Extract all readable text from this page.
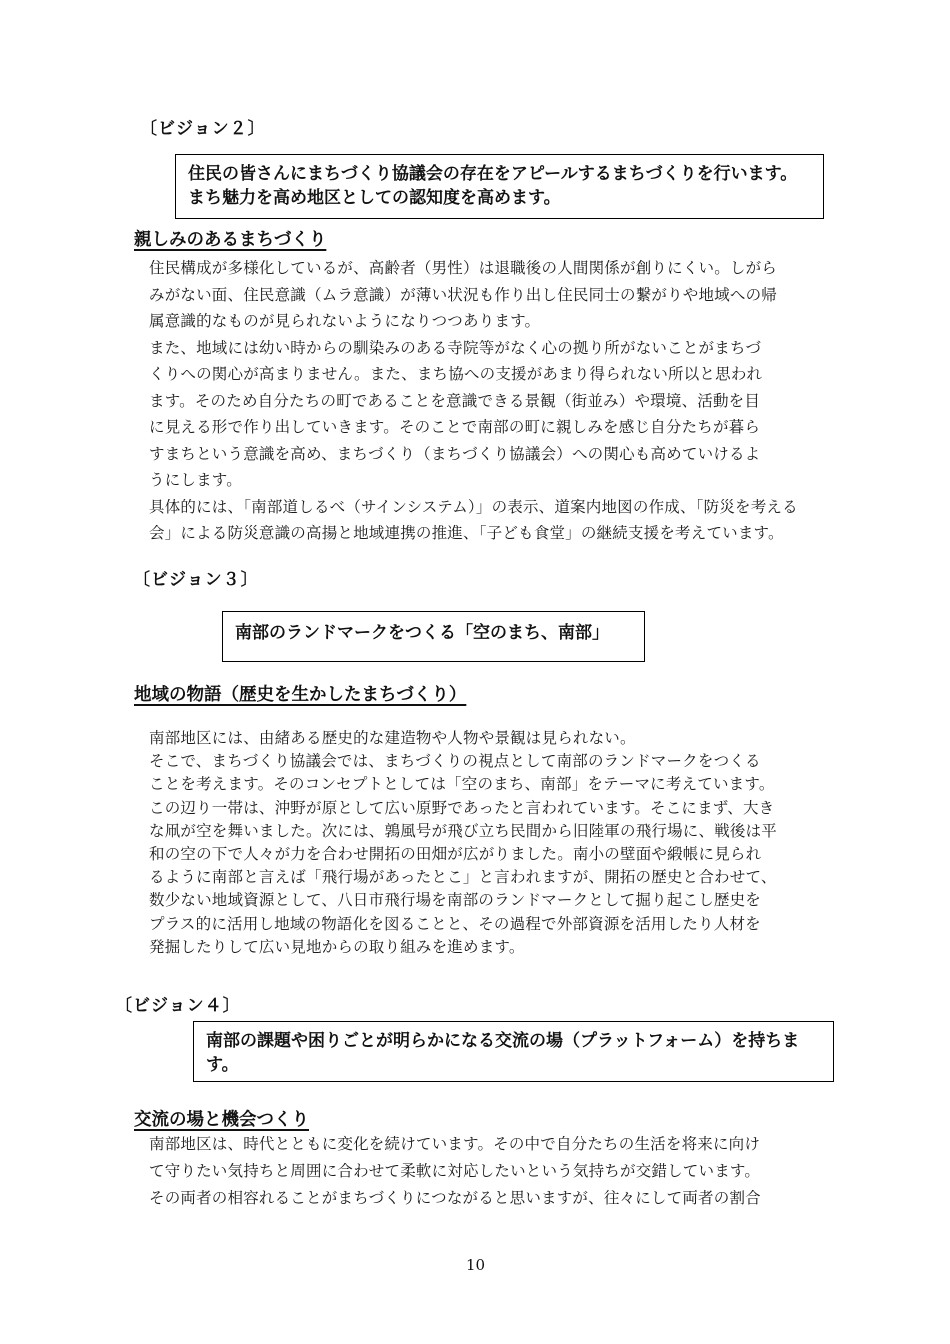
〔ビジョン２〕

住民の皆さんにまちづくり協議会の存在をアピールするまちづくりを行います。

まち魅力を高め地区としての認知度を高めます。

親しみのあるまちづくり

住民構成が多様化しているが、高齢者（男性）は退職後の人間関係が創りにくい。しがら

みがない面、住民意識（ムラ意識）が薄い状況も作り出し住民同士の繋がりや地域への帰

属意識的なものが見られないようになりつつあります。

また、地域には幼い時からの馴染みのある寺院等がなく心の拠り所がないことがまちづ

くりへの関心が高まりません。また、まち協への支援があまり得られない所以と思われ

ます。そのため自分たちの町であることを意識できる景観（街並み）や環境、活動を目

に見える形で作り出していきます。そのことで南部の町に親しみを感じ自分たちが暮ら

すまちという意識を高め、まちづくり（まちづくり協議会）への関心も高めていけるよ

うにします。

具体的には、「南部道しるべ（サインシステム）」の表示、道案内地図の作成、「防災を考える

会」による防災意識の高揚と地域連携の推進、「子ども食堂」の継続支援を考えています。

〔ビジョン３〕

南部のランドマークをつくる「空のまち、南部」

地域の物語（歴史を生かしたまちづくり）

南部地区には、由緒ある歴史的な建造物や人物や景観は見られない。

そこで、まちづくり協議会では、まちづくりの視点として南部のランドマークをつくる

ことを考えます。そのコンセプトとしては「空のまち、南部」をテーマに考えています。

この辺り一帯は、沖野が原として広い原野であったと言われています。そこにまず、大き

な凧が空を舞いました。次には、鶉風号が飛び立ち民間から旧陸軍の飛行場に、戦後は平

和の空の下で人々が力を合わせ開拓の田畑が広がりました。南小の壁面や緞帳に見られ

るように南部と言えば「飛行場があったとこ」と言われますが、開拓の歴史と合わせて、

数少ない地域資源として、八日市飛行場を南部のランドマークとして掘り起こし歴史を

プラス的に活用し地域の物語化を図ることと、その過程で外部資源を活用したり人材を

発掘したりして広い見地からの取り組みを進めます。

〔ビジョン４〕

南部の課題や困りごとが明らかになる交流の場（プラットフォーム）を持ちま

す。

交流の場と機会つくり

南部地区は、時代とともに変化を続けています。その中で自分たちの生活を将来に向け

て守りたい気持ちと周囲に合わせて柔軟に対応したいという気持ちが交錯しています。

その両者の相容れることがまちづくりにつながると思いますが、往々にして両者の割合

10
